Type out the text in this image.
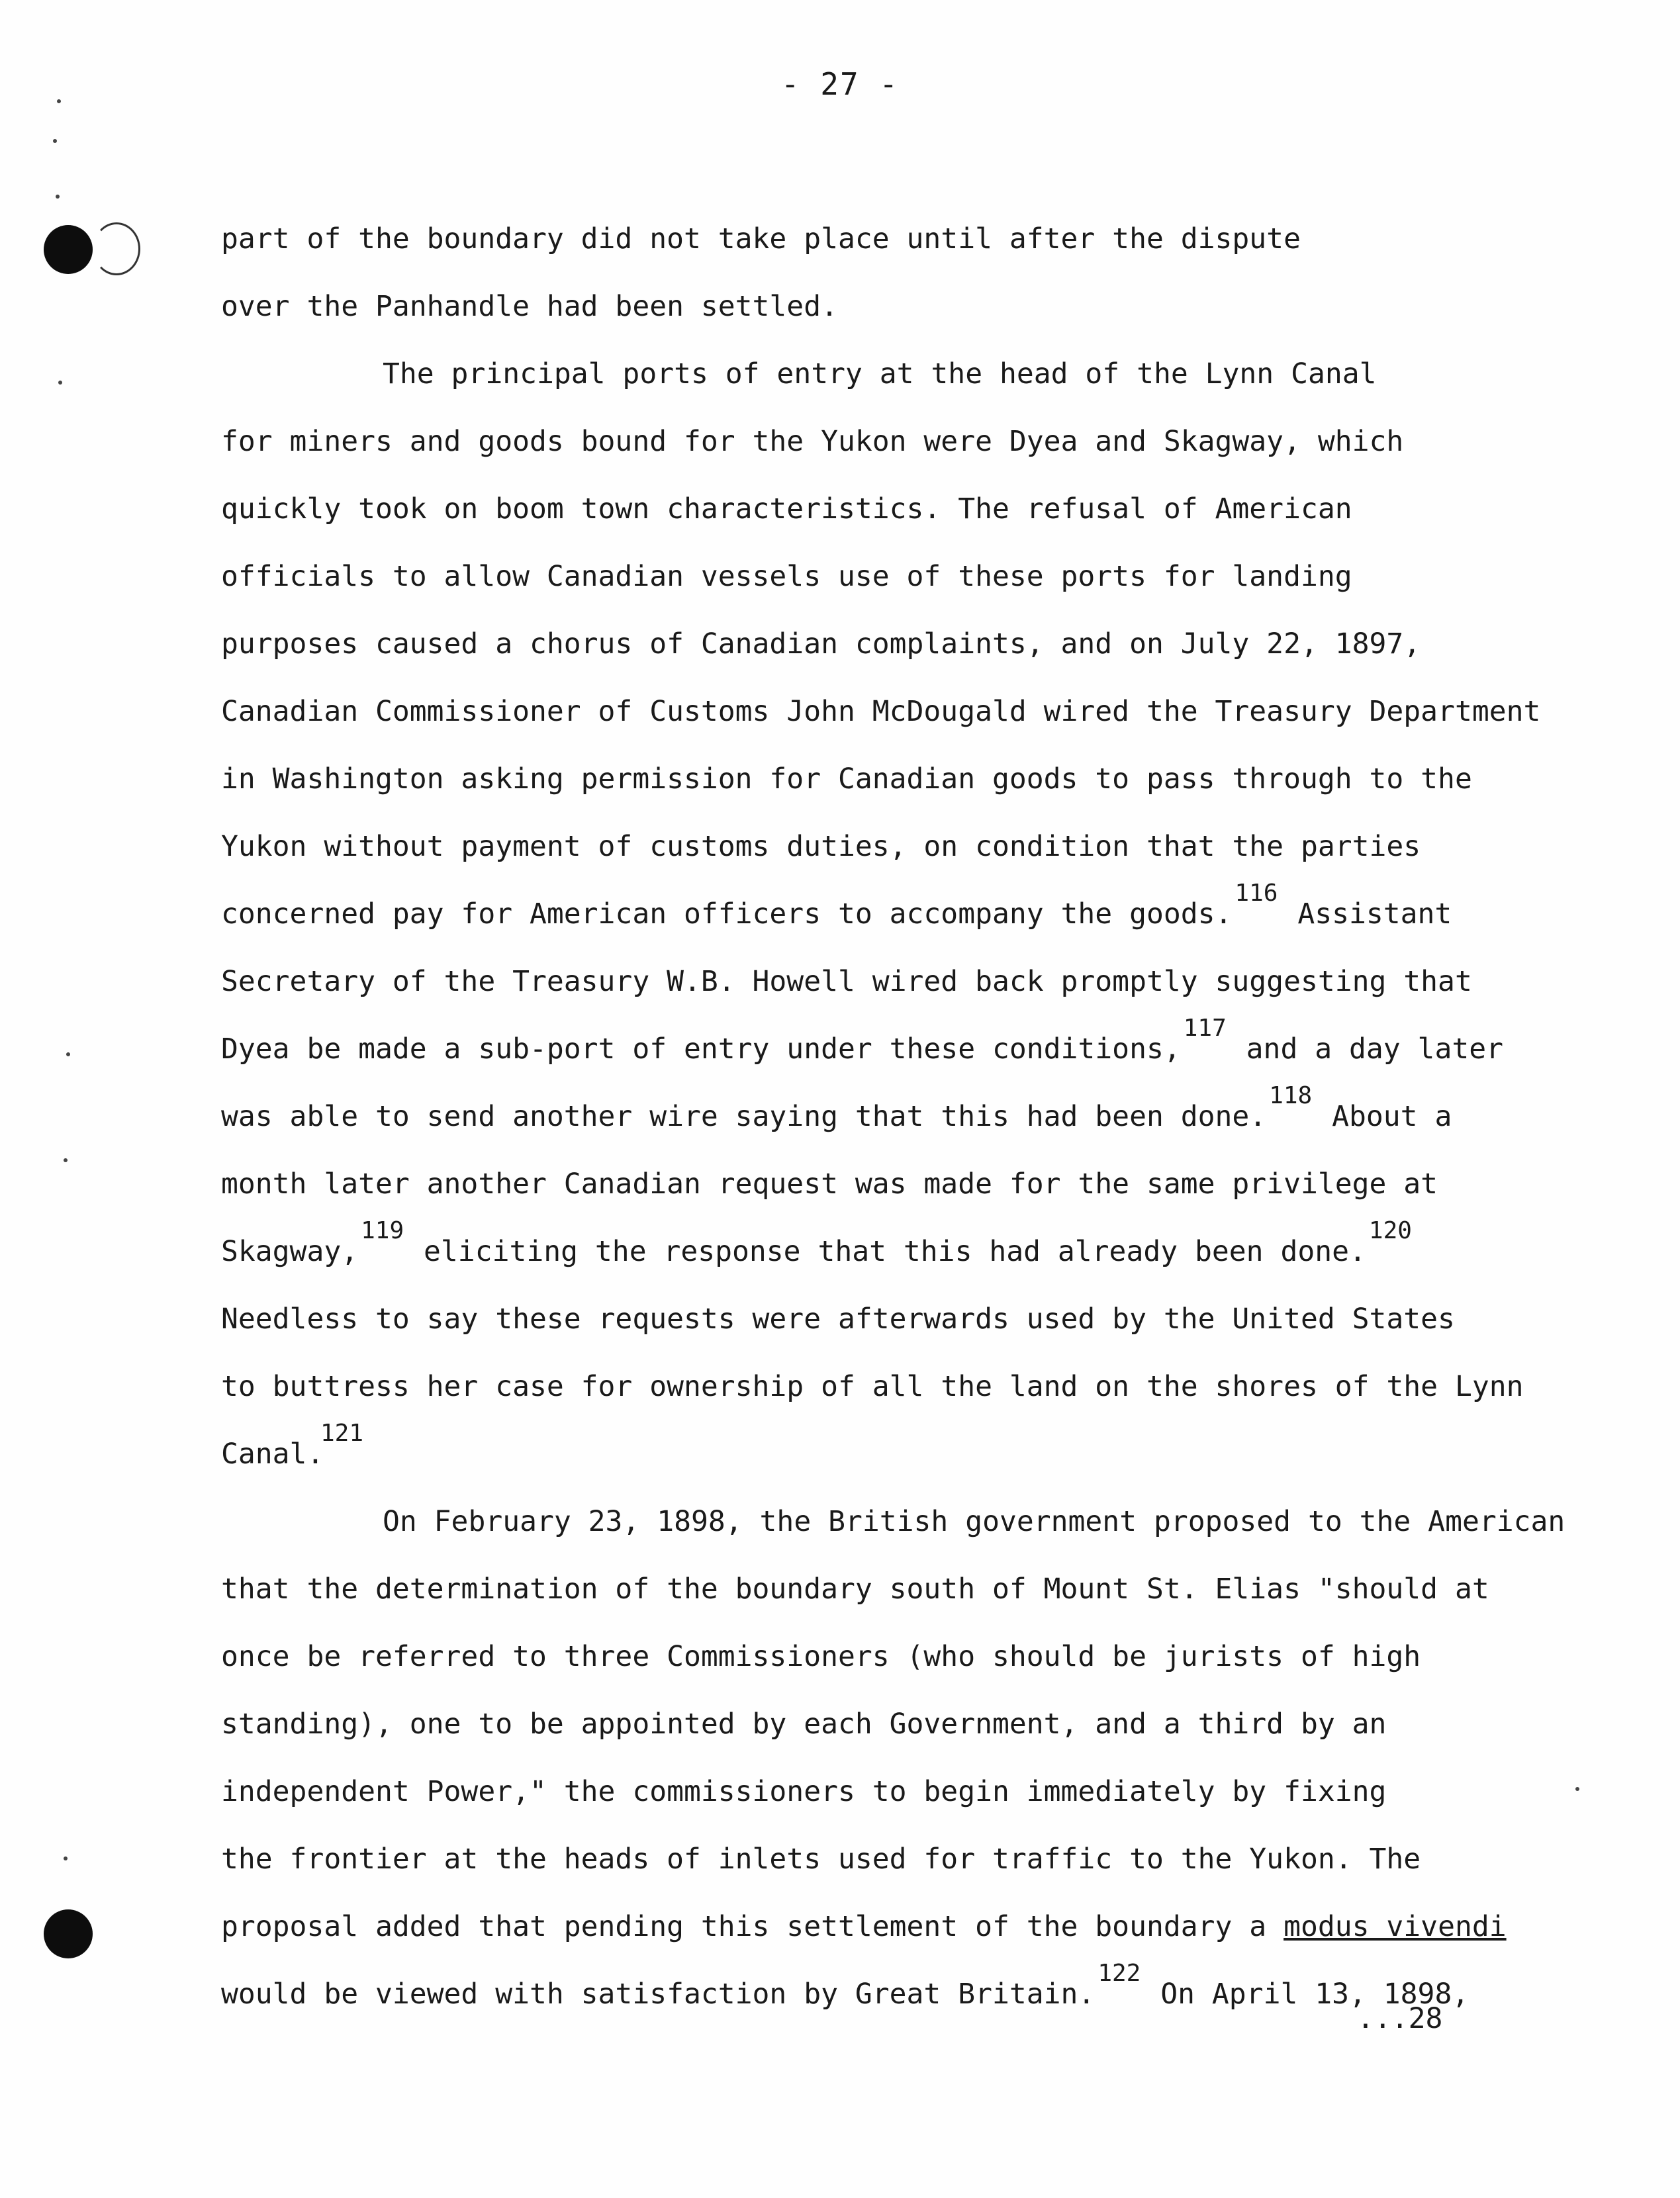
- 27 -
part of the boundary did not take place until after the dispute
over the Panhandle had been settled.
The principal ports of entry at the head of the Lynn Canal
for miners and goods bound for the Yukon were Dyea and Skagway, which
quickly took on boom town characteristics. The refusal of American
officials to allow Canadian vessels use of these ports for landing
purposes caused a chorus of Canadian complaints, and on July 22, 1897,
Canadian Commissioner of Customs John McDougald wired the Treasury Department
in Washington asking permission for Canadian goods to pass through to the
Yukon without payment of customs duties, on condition that the parties
concerned pay for American officers to accompany the goods.$^{116}$ Assistant
Secretary of the Treasury W.B. Howell wired back promptly suggesting that
Dyea be made a sub-port of entry under these conditions,$^{117}$ and a day later
was able to send another wire saying that this had been done.$^{118}$ About a
month later another Canadian request was made for the same privilege at
Skagway,$^{119}$ eliciting the response that this had already been done.$^{120}$
Needless to say these requests were afterwards used by the United States
to buttress her case for ownership of all the land on the shores of the Lynn
121
Canal.
On February 23, 1898, the British government proposed to the American
that the determination of the boundary south of Mount St. Elias "should at
once be referred to three Commissioners (who should be jurists of high
standing), one to be appointed by each Government, and a third by an
independent Power," the commissioners to begin immediately by fixing
the frontier at the heads of inlets used for traffic to the Yukon. The
proposal added that pending this settlement of the boundary a modus vivendi
would be viewed with satisfaction by Great Britain.$^{122}$ On April 13, 1898,
...28
